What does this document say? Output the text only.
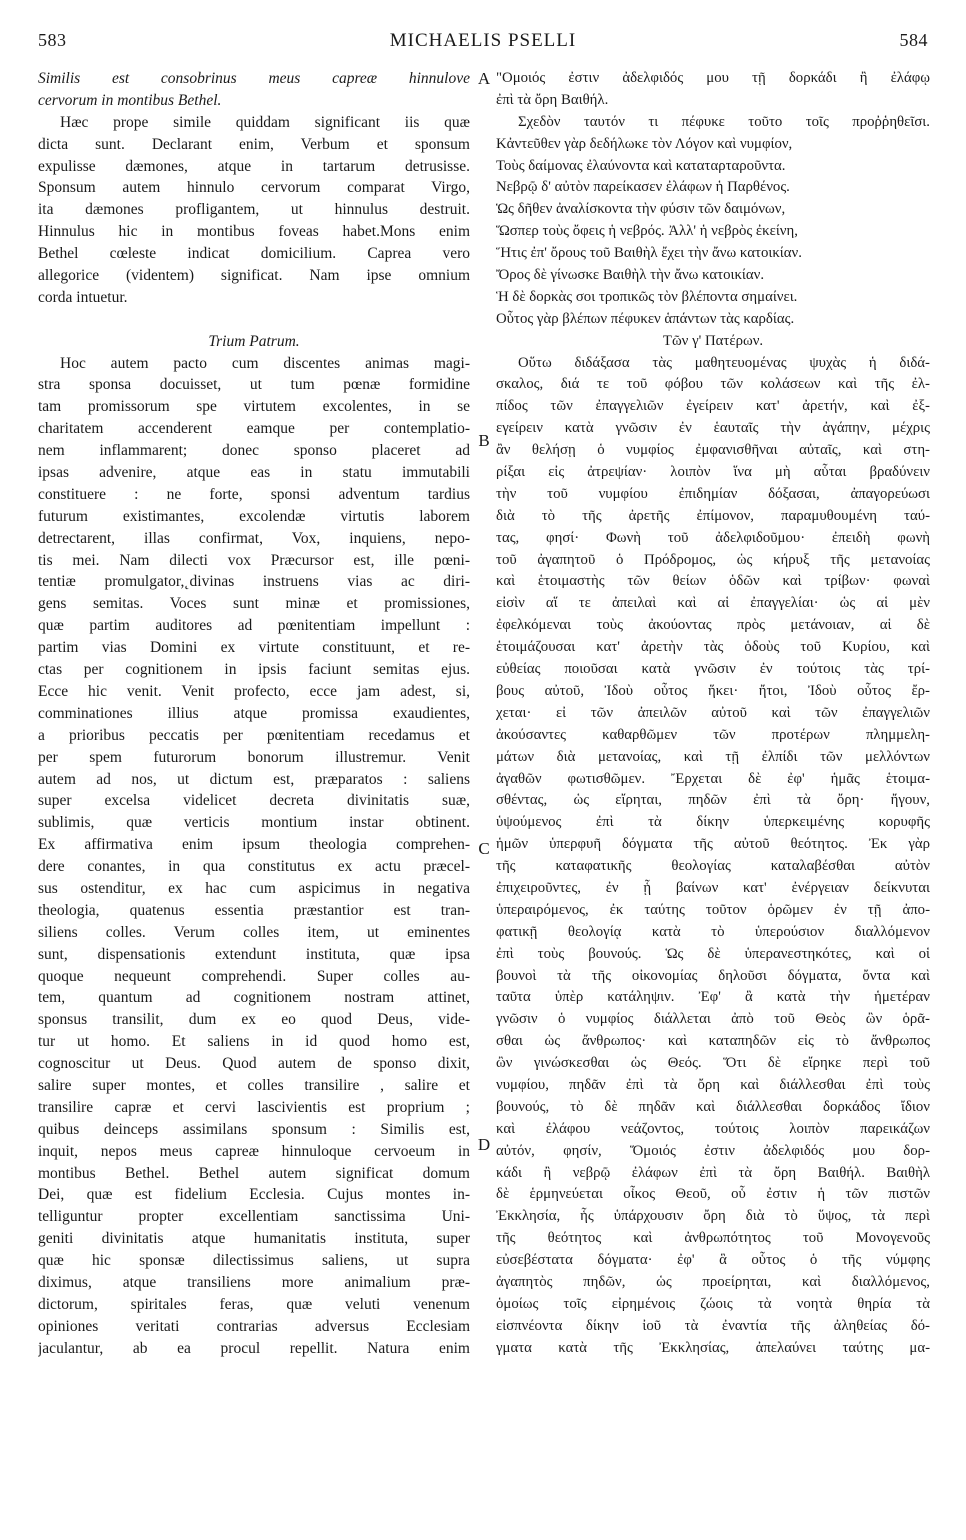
583	MICHAELIS PSELLI	584
Similis est consobrinus meus capreæ hinnulove
cervorum in montibus Bethel.
Hæc prope simile quiddam significant iis quæ
dicta sunt. Declarant enim, Verbum et sponsum
expulisse dæmones, atque in tartarum detrusisse.
Sponsum autem hinnulo cervorum comparat Virgo,
ita dæmones profligantem, ut hinnulus destruit.
Hinnulus hic in montibus foveas habet.Mons enim
Bethel cœleste indicat domicilium. Caprea vero
allegorice (videntem) significat. Nam ipse omnium
corda intuetur.
Trium Patrum.
Hoc autem pacto cum discentes animas magi-
stra sponsa docuisset, ut tum pœnæ formidine
tam promissorum spe virtutem excolentes, in se
charitatem accenderent eamque per contemplatio-
nem inflammarent; donec sponso placeret ad
ipsas advenire, atque eas in statu immutabili
constituere : ne forte, sponsi adventum tardius
futurum existimantes, excolendæ virtutis laborem
detrectarent, illas confirmat, Vox, inquiens, nepo-
tis mei. Nam dilecti vox Præcursor est, ille pœni-
tentiæ promulgator,˛divinas instruens vias ac diri-
gens semitas. Voces sunt minæ et promissiones,
quæ partim auditores ad pœnitentiam impellunt :
partim vias Domini ex virtute constituunt, et re-
ctas per cognitionem in ipsis faciunt semitas ejus.
Ecce hic venit. Venit profecto, ecce jam adest, si,
comminationes illius atque promissa exaudientes,
a prioribus peccatis per pœnitentiam recedamus et
per spem futurorum bonorum illustremur. Venit
autem ad nos, ut dictum est, præparatos : saliens
super excelsa videlicet decreta divinitatis suæ,
sublimis, quæ verticis montium instar obtinent.
Ex affirmativa enim ipsum theologia comprehen-
dere conantes, in qua constitutus ex actu præcel-
sus ostenditur, ex hac cum aspicimus in negativa
theologia, quatenus essentia præstantior est tran-
siliens colles. Verum colles item, ut eminentes
sunt, dispensationis extendunt instituta, quæ ipsa
quoque nequeunt comprehendi. Super colles au-
tem, quantum ad cognitionem nostram attinet,
sponsus transilit, dum ex eo quod Deus, vide-
tur ut homo. Et saliens in id quod homo est,
cognoscitur ut Deus. Quod autem de sponso dixit,
salire super montes, et colles transilire , salire et
transilire capræ et cervi lascivientis est proprium ;
quibus deinceps assimilans sponsum : Similis est,
inquit, nepos meus capreæ hinnuloque cervoeum in
montibus Bethel. Bethel autem significat domum
Dei, quæ est fidelium Ecclesia. Cujus montes in-
telliguntur propter excellentiam sanctissima Uni-
geniti divinitatis atque humanitatis instituta, super
quæ hic sponsæ dilectissimus saliens, ut supra
diximus, atque transiliens more animalium præ-
dictorum, spiritales feras, quæ veluti venenum
opiniones veritati contrarias adversus Ecclesiam
jaculantur, ab ea procul repellit. Natura enim
A
B
C
D
"Ομοιός ἐστιν ἀδελφιδός μου τῇ δορκάδι ἢ ἐλάφῳ
ἐπὶ τὰ ὄρη Βαιθήλ.
Σχεδὸν ταυτόν τι πέφυκε τοῦτο τοῖς προῤῥηθεῖσι.
Κἀντεῦθεν γὰρ δεδήλωκε τὸν Λόγον καὶ νυμφίον,
Τοὺς δαίμονας ἐλαύνοντα καὶ καταταρταροῦντα.
Νεβρῷ δ' αὐτὸν παρείκασεν ἐλάφων ἡ Παρθένος.
Ὡς δῆθεν ἀναλίσκοντα τὴν φύσιν τῶν δαιμόνων,
Ὥσπερ τοὺς ὄφεις ἡ νεβρός. Ἀλλ' ἡ νεβρὸς ἐκείνη,
Ἥτις ἐπ' ὄρους τοῦ Βαιθὴλ ἔχει τὴν ἄνω κατοικίαν.
Ὄρος δὲ γίνωσκε Βαιθὴλ τὴν ἄνω κατοικίαν.
Ἡ δὲ δορκὰς σοι τροπικῶς τὸν βλέποντα σημαίνει.
Οὗτος γὰρ βλέπων πέφυκεν ἁπάντων τὰς καρδίας.
Τῶν γ' Πατέρων.
Οὕτω διδάξασα τὰς μαθητευομένας ψυχὰς ἡ διδά-
σκαλος, διά τε τοῦ φόβου τῶν κολάσεων καὶ τῆς ἐλ-
πίδος τῶν ἐπαγγελιῶν ἐγείρειν κατ' ἀρετήν, καὶ ἐξ-
εγείρειν κατὰ γνῶσιν ἐν ἑαυταῖς τὴν ἀγάπην, μέχρις
ἂν θελήσῃ ὁ νυμφίος ἐμφανισθῆναι αὐταῖς, καὶ στη-
ρίξαι εἰς ἀτρεψίαν· λοιπὸν ἵνα μὴ αὗται βραδύνειν
τὴν τοῦ νυμφίου ἐπιδημίαν δόξασαι, ἀπαγορεύωσι
διὰ τὸ τῆς ἀρετῆς ἐπίμονον, παραμυθουμένη ταύ-
τας, φησί· Φωνὴ τοῦ ἀδελφιδοῦμου· ἐπειδὴ φωνὴ
τοῦ ἀγαπητοῦ ὁ Πρόδρομος, ὡς κήρυξ τῆς μετανοίας
καὶ ἑτοιμαστὴς τῶν θείων ὁδῶν καὶ τρίβων· φωναὶ
εἰσὶν αἵ τε ἀπειλαὶ καὶ αἱ ἐπαγγελίαι· ὡς αἱ μὲν
ἐφελκόμεναι τοὺς ἀκούοντας πρὸς μετάνοιαν, αἱ δὲ
ἑτοιμάζουσαι κατ' ἀρετὴν τὰς ὁδοὺς τοῦ Κυρίου, καὶ
εὐθείας ποιοῦσαι κατὰ γνῶσιν ἐν τούτοις τὰς τρί-
βους αὐτοῦ, Ἰδοὺ οὗτος ἥκει· ἤτοι, Ἰδοὺ οὗτος ἔρ-
χεται· εἰ τῶν ἀπειλῶν αὐτοῦ καὶ τῶν ἐπαγγελιῶν
ἀκούσαντες καθαρθῶμεν τῶν προτέρων πλημμελη-
μάτων διὰ μετανοίας, καὶ τῇ ἐλπίδι τῶν μελλόντων
ἀγαθῶν φωτισθῶμεν. Ἔρχεται δὲ ἐφ' ἡμᾶς ἑτοιμα-
σθέντας, ὡς εἴρηται, πηδῶν ἐπὶ τὰ ὄρη· ἤγουν,
ὑψούμενος ἐπὶ τὰ δίκην ὑπερκειμένης κορυφῆς
ἡμῶν ὑπερφυῆ δόγματα τῆς αὐτοῦ θεότητος. Ἐκ γὰρ
τῆς καταφατικῆς θεολογίας καταλαβέσθαι αὐτὸν
ἐπιχειροῦντες, ἐν ᾗ βαίνων κατ' ἐνέργειαν δείκνυται
ὑπεραιρόμενος, ἐκ ταύτης τοῦτον ὁρῶμεν ἐν τῇ ἀπο-
φατικῇ θεολογίᾳ κατὰ τὸ ὑπερούσιον διαλλόμενον
ἐπὶ τοὺς βουνούς. Ὡς δὲ ὑπερανεστηκότες, καὶ οἱ
βουνοὶ τὰ τῆς οἰκονομίας δηλοῦσι δόγματα, ὄντα καὶ
ταῦτα ὑπὲρ κατάληψιν. Ἐφ' ἃ κατὰ τὴν ἡμετέραν
γνῶσιν ὁ νυμφίος διάλλεται ἀπὸ τοῦ Θεὸς ὢν ὁρᾶ-
σθαι ὡς ἄνθρωπος· καὶ καταπηδῶν εἰς τὸ ἄνθρωπος
ὢν γινώσκεσθαι ὡς Θεός. Ὅτι δὲ εἴρηκε περὶ τοῦ
νυμφίου, πηδᾶν ἐπὶ τὰ ὄρη καὶ διάλλεσθαι ἐπὶ τοὺς
βουνούς, τὸ δὲ πηδᾶν καὶ διάλλεσθαι δορκάδος ἴδιον
καὶ ἐλάφου νεάζοντος, τούτοις λοιπὸν παρεικάζων
αὐτόν, φησίν, Ὅμοιός ἐστιν ἀδελφιδός μου δορ-
κάδι ἢ νεβρῷ ἐλάφων ἐπὶ τὰ ὄρη Βαιθήλ. Βαιθὴλ
δὲ ἑρμηνεύεται οἶκος Θεοῦ, οὗ ἐστιν ἡ τῶν πιστῶν
Ἐκκλησία, ἧς ὑπάρχουσιν ὄρη διὰ τὸ ὕψος, τὰ περὶ
τῆς θεότητος καὶ ἀνθρωπότητος τοῦ Μονογενοῦς
εὐσεβέστατα δόγματα· ἐφ' ἃ οὗτος ὁ τῆς νύμφης
ἀγαπητὸς πηδῶν, ὡς προείρηται, καὶ διαλλόμενος,
ὁμοίως τοῖς εἰρημένοις ζώοις τὰ νοητὰ θηρία τὰ
εἰσπνέοντα δίκην ἰοῦ τὰ ἐναντία τῆς ἀληθείας δό-
γματα κατὰ τῆς Ἐκκλησίας, ἀπελαύνει ταύτης μα-
